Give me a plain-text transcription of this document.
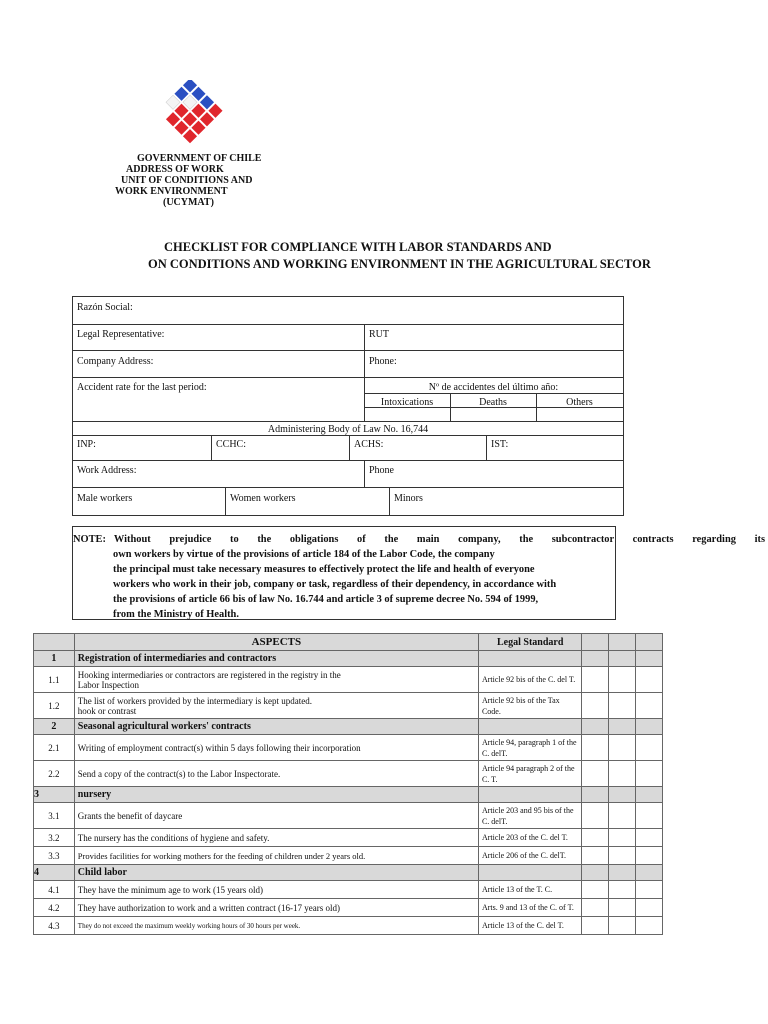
GOVERNMENT OF CHILE
ADDRESS OF WORK
UNIT OF CONDITIONS AND
WORK ENVIRONMENT
(UCYMAT)
CHECKLIST FOR COMPLIANCE WITH LABOR STANDARDS AND
ON CONDITIONS AND WORKING ENVIRONMENT IN THE AGRICULTURAL SECTOR
Razón Social:
Legal Representative:	RUT
Company Address:	Phone:
Accident rate for the last period:	Nº de accidentes del último año:
Intoxications	Deaths	Others
Administering Body of Law No. 16,744
INP:	CCHC:	ACHS:	IST:
Work Address:	Phone
Male workers	Women workers	Minors
NOTE: Without prejudice to the obligations of the main company, the subcontractor contracts regarding its
own workers by virtue of the provisions of article 184 of the Labor Code, the company
the principal must take necessary measures to effectively protect the life and health of everyone
workers who work in their job, company or task, regardless of their dependency, in accordance with
the provisions of article 66 bis of law No. 16.744 and article 3 of supreme decree No. 594 of 1999,
from the Ministry of Health.
	ASPECTS	Legal Standard			
1	Registration of intermediaries and contractors				
1.1	Hooking intermediaries or contractors are registered in the registry in the
Labor Inspection	Article 92 bis of the C. del T.			
1.2	The list of workers provided by the intermediary is kept updated.
hook or contrast	Article 92 bis of the Tax Code.			
2	Seasonal agricultural workers' contracts				
2.1	Writing of employment contract(s) within 5 days following their incorporation	Article 94, paragraph 1 of the C. delT.			
2.2	Send a copy of the contract(s) to the Labor Inspectorate.	Article 94 paragraph 2 of the C. T.			
3	nursery				
3.1	Grants the benefit of daycare	Article 203 and 95 bis of the C. delT.			
3.2	The nursery has the conditions of hygiene and safety.	Article 203 of the C. del T.			
3.3	Provides facilities for working mothers for the feeding of children under 2 years old.	Article 206 of the C. delT.			
4	Child labor				
4.1	They have the minimum age to work (15 years old)	Article 13 of the T. C.			
4.2	They have authorization to work and a written contract (16-17 years old)	Arts. 9 and 13 of the C. of T.			
4.3	They do not exceed the maximum weekly working hours of 30 hours per week.	Article 13 of the C. del T.			
